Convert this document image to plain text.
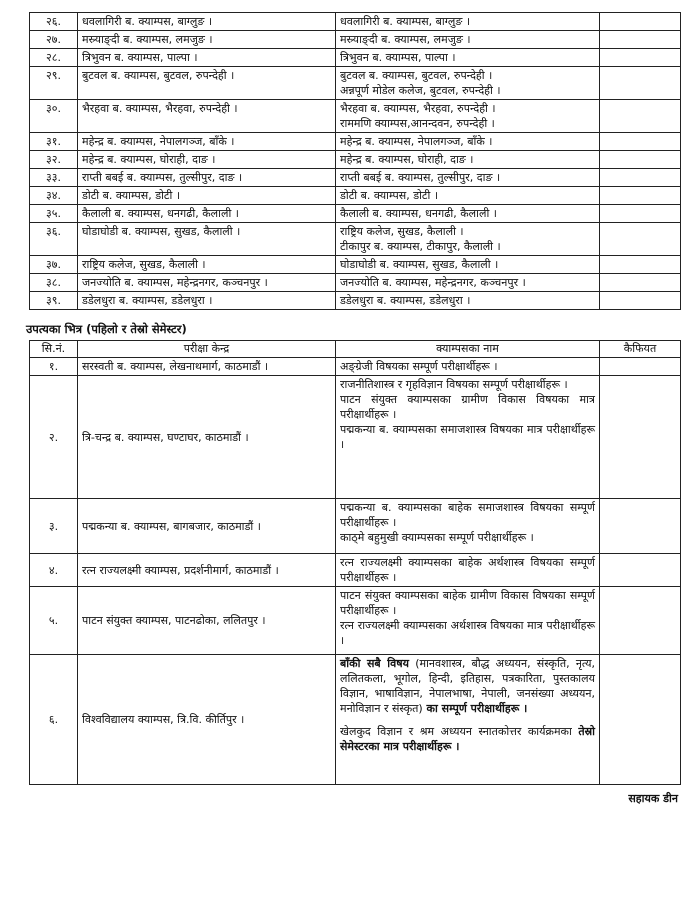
२६.	धवलागिरी ब. क्याम्पस, बाग्लुङ ।	धवलागिरी ब. क्याम्पस, बाग्लुङ ।	

२७.	मस्र्याङ्दी ब. क्याम्पस, लमजुङ ।	मस्र्याङ्दी ब. क्याम्पस, लमजुङ ।	

२८.	त्रिभुवन ब. क्याम्पस, पाल्पा ।	त्रिभुवन ब. क्याम्पस, पाल्पा ।	

२९.	बुटवल ब. क्याम्पस, बुटवल, रुपन्देही ।	बुटवल ब. क्याम्पस, बुटवल, रुपन्देही ।
अन्नपूर्ण मोडेल कलेज, बुटवल, रुपन्देही ।	

३०.	भैरहवा ब. क्याम्पस, भैरहवा, रुपन्देही ।	भैरहवा ब. क्याम्पस, भैरहवा, रुपन्देही ।
राममणि क्याम्पस,आनन्दवन, रुपन्देही ।	

३१.	महेन्द्र ब. क्याम्पस, नेपालगञ्ज, बाँके ।	महेन्द्र ब. क्याम्पस, नेपालगञ्ज, बाँके ।	

३२.	महेन्द्र ब. क्याम्पस, घोराही, दाङ ।	महेन्द्र ब. क्याम्पस, घोराही, दाङ ।	

३३.	राप्ती बबई ब. क्याम्पस, तुल्सीपुर, दाङ ।	राप्ती बबई ब. क्याम्पस, तुल्सीपुर, दाङ ।	

३४.	डोटी ब. क्याम्पस, डोटी ।	डोटी ब. क्याम्पस, डोटी ।	

३५.	कैलाली ब. क्याम्पस, धनगढी, कैलाली ।	कैलाली ब. क्याम्पस, धनगढी, कैलाली ।	

३६.	घोडाघोडी ब. क्याम्पस, सुखड, कैलाली ।	राष्ट्रिय कलेज, सुखड, कैलाली ।
टीकापुर ब. क्याम्पस, टीकापुर, कैलाली ।	

३७.	राष्ट्रिय कलेज, सुखड, कैलाली ।	घोडाघोडी ब. क्याम्पस, सुखड, कैलाली ।	

३८.	जनज्योति ब. क्याम्पस, महेन्द्रनगर, कञ्चनपुर ।	जनज्योति ब. क्याम्पस, महेन्द्रनगर, कञ्चनपुर ।	

३९.	डडेलधुरा ब. क्याम्पस, डडेलधुरा ।	डडेलधुरा ब. क्याम्पस, डडेलधुरा ।	

उपत्यका भित्र (पहिलो र तेस्रो सेमेस्टर)

सि.नं.	परीक्षा केन्द्र	क्याम्पसका नाम	कैफियत
१.	सरस्वती ब. क्याम्पस, लेखनाथमार्ग, काठमाडौं ।	अङ्ग्रेजी विषयका सम्पूर्ण परीक्षार्थीहरू ।	

२.	त्रि-चन्द्र ब. क्याम्पस, घण्टाघर, काठमाडौं ।	राजनीतिशास्त्र र गृहविज्ञान विषयका सम्पूर्ण परीक्षार्थीहरू ।
पाटन संयुक्त क्याम्पसका ग्रामीण विकास विषयका मात्र परीक्षार्थीहरू ।
पद्मकन्या ब. क्याम्पसका समाजशास्त्र विषयका मात्र परीक्षार्थीहरू ।	

३.	पद्मकन्या ब. क्याम्पस, बागबजार, काठमाडौं ।	पद्मकन्या ब. क्याम्पसका बाहेक समाजशास्त्र विषयका सम्पूर्ण परीक्षार्थीहरू ।
काठ्मे बहुमुखी क्याम्पसका सम्पूर्ण परीक्षार्थीहरू ।	

४.	रत्न राज्यलक्ष्मी क्याम्पस, प्रदर्शनीमार्ग, काठमाडौं ।	रत्न राज्यलक्ष्मी क्याम्पसका बाहेक अर्थशास्त्र विषयका सम्पूर्ण परीक्षार्थीहरू ।	

५.	पाटन संयुक्त क्याम्पस, पाटनढोका, ललितपुर ।	पाटन संयुक्त क्याम्पसका बाहेक ग्रामीण विकास विषयका सम्पूर्ण परीक्षार्थीहरू ।
रत्न राज्यलक्ष्मी क्याम्पसका अर्थशास्त्र विषयका मात्र परीक्षार्थीहरू ।	

६.	विश्वविद्यालय क्याम्पस, त्रि.वि. कीर्तिपुर ।	बाँकी सबै विषय (मानवशास्त्र, बौद्ध अध्ययन, संस्कृति, नृत्य, ललितकला, भूगोल, हिन्दी, इतिहास, पत्रकारिता, पुस्तकालय विज्ञान, भाषाविज्ञान, नेपालभाषा, नेपाली, जनसंख्या अध्ययन, मनोविज्ञान र संस्कृत) का सम्पूर्ण परीक्षार्थीहरू ।
खेलकुद विज्ञान र श्रम अध्ययन स्नातकोत्तर कार्यक्रमका तेस्रो सेमेस्टरका मात्र परीक्षार्थीहरू ।	

सहायक डीन
